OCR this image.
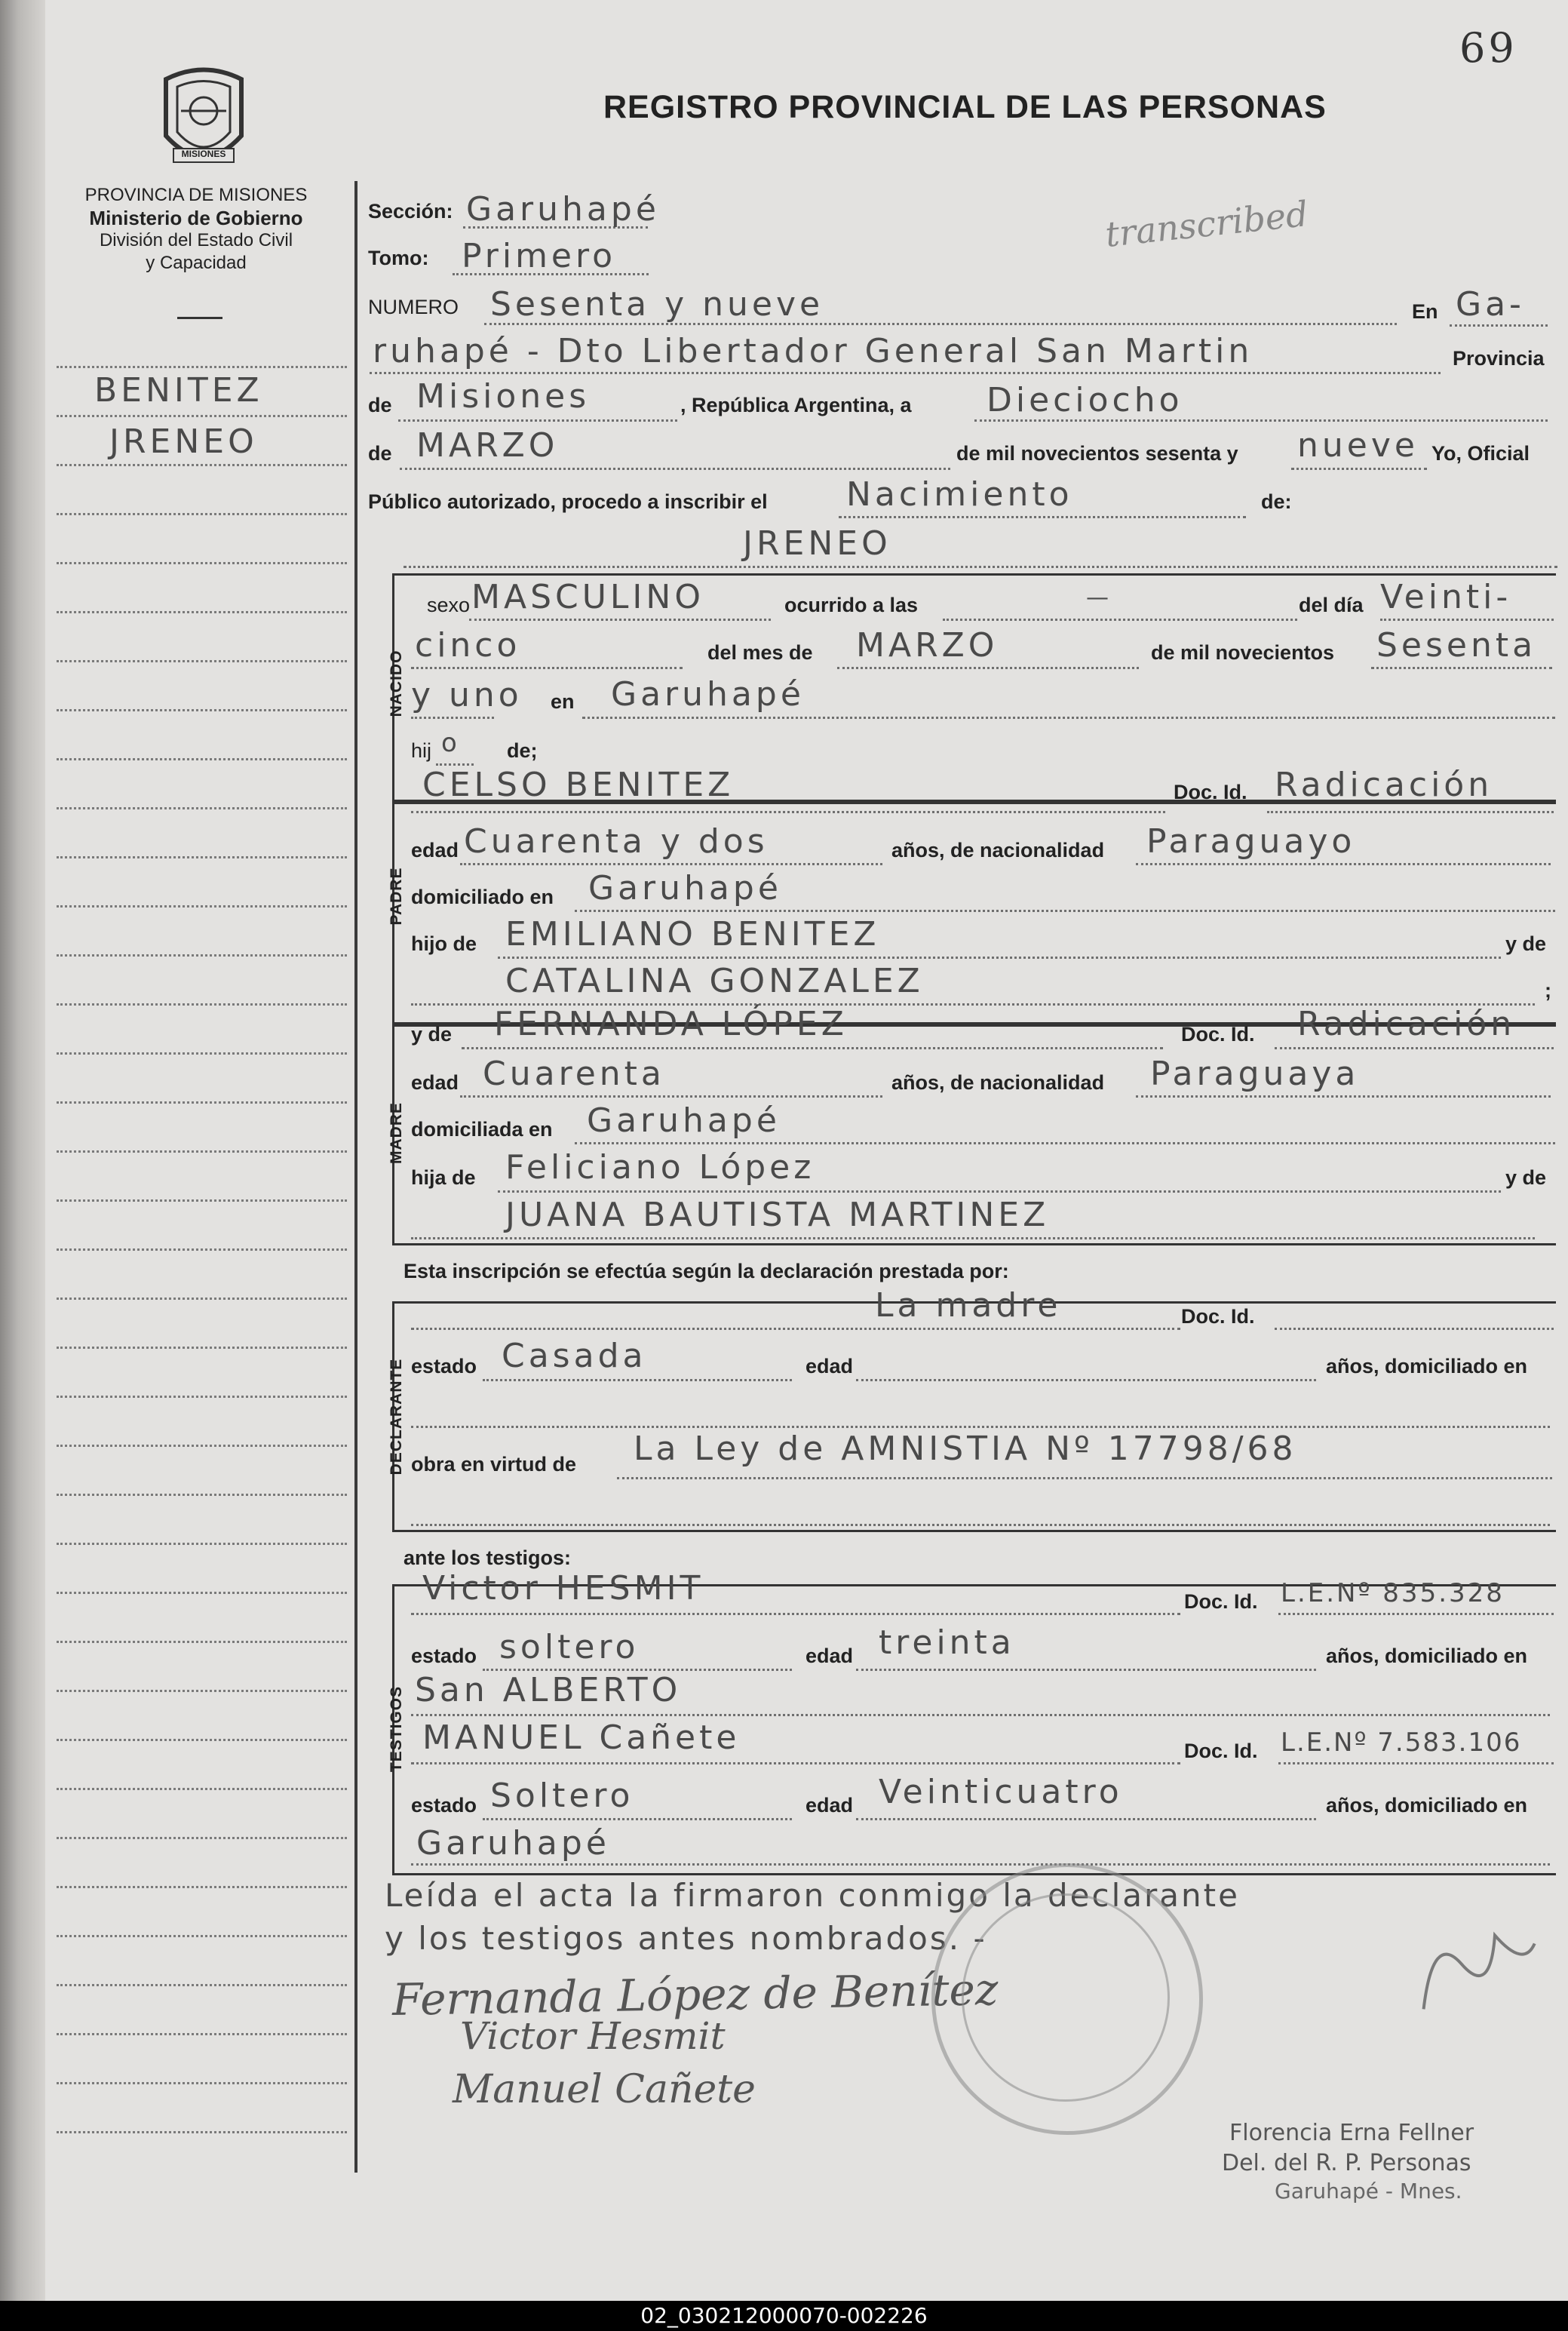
69
MISIONES
PROVINCIA DE MISIONES
Ministerio de Gobierno
División del Estado Civil
y Capacidad
REGISTRO PROVINCIAL DE LAS PERSONAS
transcribed
BENITEZ
JRENEO
NACIDO
PADRE
MADRE
DECLARANTE
TESTIGOS
Sección: Garuhapé
Tomo: Primero
NUMERO Sesenta y nueve	En Ga-
ruhapé - Dto Libertador General San Martin	Provincia
de Misiones	, República Argentina, a Dieciocho
de MARZO	de mil novecientos sesenta y nueve Yo, Oficial
Público autorizado, procedo a inscribir el Nacimiento	de:
JRENEO
sexo MASCULINO	ocurrido a las	—	del día Veinti-
cinco	del mes de MARZO	de mil novecientos Sesenta
y uno en Garuhapé
hij o de;
CELSO BENITEZ	Doc. Id. Radicación
edad Cuarenta y dos	años, de nacionalidad Paraguayo
domiciliado en Garuhapé
hijo de EMILIANO BENITEZ	y de
CATALINA GONZALEZ	;
y de FERNANDA LÓPEZ	Doc. Id. Radicación
edad Cuarenta	años, de nacionalidad Paraguaya
domiciliada en Garuhapé
hija de Feliciano López	y de
JUANA BAUTISTA MARTINEZ
Esta inscripción se efectúa según la declaración prestada por:
La madre	Doc. Id.
estado Casada	edad	años, domiciliado en
obra en virtud de La Ley de AMNISTIA Nº 17798/68
ante los testigos:
Victor HESMIT	Doc. Id. L.E.Nº 835.328
estado soltero	edad treinta	años, domiciliado en
San ALBERTO
MANUEL Cañete	Doc. Id. L.E.Nº 7.583.106
estado Soltero	edad Veinticuatro	años, domiciliado en
Garuhapé
Leída el acta la firmaron conmigo la declarante
y los testigos antes nombrados. -
Fernanda López de Benítez
Victor Hesmit
Manuel Cañete
Florencia Erna Fellner
Del. del R. P. Personas
Garuhapé - Mnes.
02_030212000070-002226
